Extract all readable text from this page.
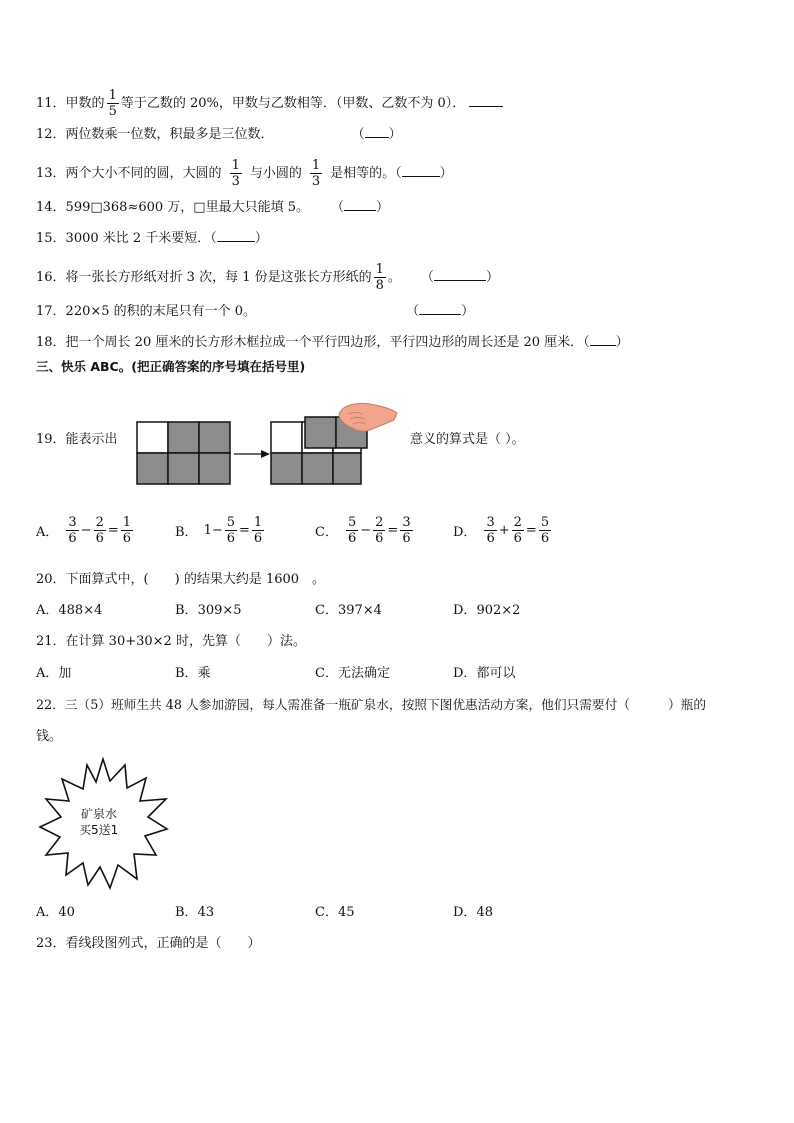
11．甲数的 $\frac{1}{5}$ 等于乙数的 20%，甲数与乙数相等．（甲数、乙数不为 0）．
12．两位数乘一位数，积最多是三位数．	（ ）
13．两个大小不同的圆，大圆的 $\frac{1}{3}$ 与小圆的 $\frac{1}{3}$ 是相等的。（	）
14．599□368≈600 万，□里最大只能填 5。 （ ）
15．3000 米比 2 千米要短．（	）
16．将一张长方形纸对折 3 次，每 1 份是这张长方形纸的 $\frac{1}{8}$ 。 （	）
17．220×5 的积的末尾只有一个 0。	（	）
18．把一个周长 20 厘米的长方形木框拉成一个平行四边形，平行四边形的周长还是 20 厘米．（ ）
三、快乐 ABC。(把正确答案的序号填在括号里)
19．能表示出	意义的算式是（ ）。
A． $\frac{3}{6} - \frac{2}{6} = \frac{1}{6}$	B． $1- \frac{5}{6} = \frac{1}{6}$	C． $\frac{5}{6} - \frac{2}{6} = \frac{3}{6}$	D． $\frac{3}{6} + \frac{2}{6} = \frac{5}{6}$
20．下面算式中，(　　) 的结果大约是 1600　。
A．488×4	B．309×5	C．397×4	D．902×2
21．在计算 30+30×2 时，先算（　　）法。
A．加	B．乘	C．无法确定	D．都可以
22．三（5）班师生共 48 人参加游园，每人需准备一瓶矿泉水，按照下图优惠活动方案，他们只需要付（　　　）瓶的
钱。
矿泉水
买5送1
A．40	B．43	C．45	D．48
23．看线段图列式，正确的是（　　）
